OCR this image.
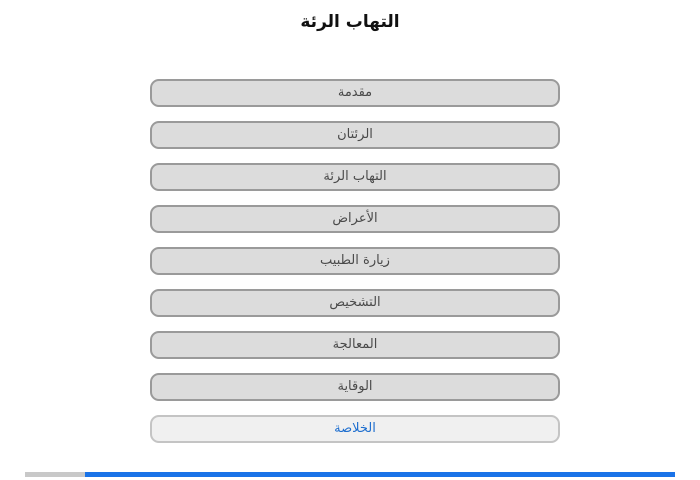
التهاب الرئة
مقدمة
الرئتان
التهاب الرئة
الأعراض
زيارة الطبيب
التشخيص
المعالجة
الوقاية
الخلاصة
